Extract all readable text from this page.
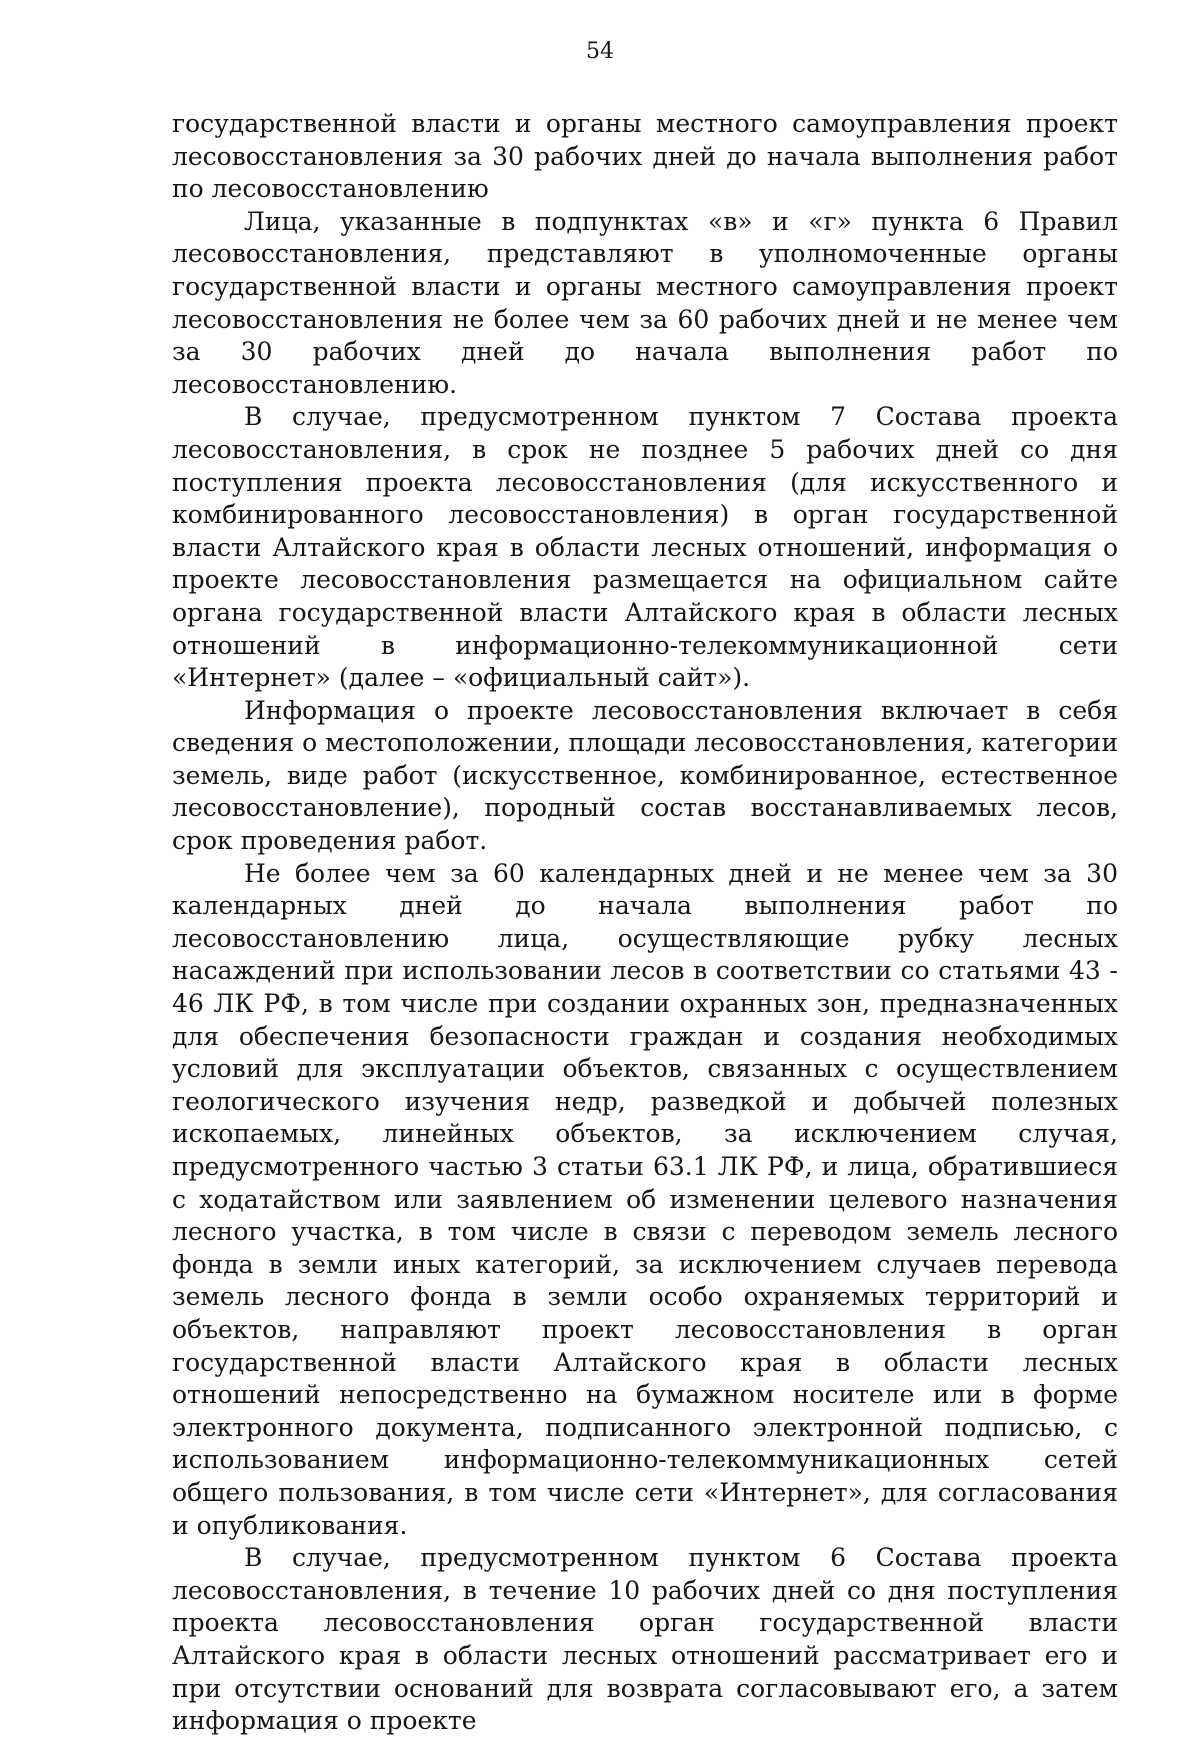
54

государственной власти и органы местного самоуправления проект лесовосстановления за 30 рабочих дней до начала выполнения работ по лесовосстановлению

Лица, указанные в подпунктах «в» и «г» пункта 6 Правил лесовосстановления, представляют в уполномоченные органы государственной власти и органы местного самоуправления проект лесовосстановления не более чем за 60 рабочих дней и не менее чем за 30 рабочих дней до начала выполнения работ по лесовосстановлению.

В случае, предусмотренном пунктом 7 Состава проекта лесовосстановления, в срок не позднее 5 рабочих дней со дня поступления проекта лесовосстановления (для искусственного и комбинированного лесовосстановления) в орган государственной власти Алтайского края в области лесных отношений, информация о проекте лесовосстановления размещается на официальном сайте органа государственной власти Алтайского края в области лесных отношений в информационно-телекоммуникационной сети «Интернет» (далее – «официальный сайт»).

Информация о проекте лесовосстановления включает в себя сведения о местоположении, площади лесовосстановления, категории земель, виде работ (искусственное, комбинированное, естественное лесовосстановление), породный состав восстанавливаемых лесов, срок проведения работ.

Не более чем за 60 календарных дней и не менее чем за 30 календарных дней до начала выполнения работ по лесовосстановлению лица, осуществляющие рубку лесных насаждений при использовании лесов в соответствии со статьями 43 - 46 ЛК РФ, в том числе при создании охранных зон, предназначенных для обеспечения безопасности граждан и создания необходимых условий для эксплуатации объектов, связанных с осуществлением геологического изучения недр, разведкой и добычей полезных ископаемых, линейных объектов, за исключением случая, предусмотренного частью 3 статьи 63.1 ЛК РФ, и лица, обратившиеся с ходатайством или заявлением об изменении целевого назначения лесного участка, в том числе в связи с переводом земель лесного фонда в земли иных категорий, за исключением случаев перевода земель лесного фонда в земли особо охраняемых территорий и объектов, направляют проект лесовосстановления в орган государственной власти Алтайского края в области лесных отношений непосредственно на бумажном носителе или в форме электронного документа, подписанного электронной подписью, с использованием информационно-телекоммуникационных сетей общего пользования, в том числе сети «Интернет», для согласования и опубликования.

В случае, предусмотренном пунктом 6 Состава проекта лесовосстановления, в течение 10 рабочих дней со дня поступления проекта лесовосстановления орган государственной власти Алтайского края в области лесных отношений рассматривает его и при отсутствии оснований для возврата согласовывают его, а затем информация о проекте
